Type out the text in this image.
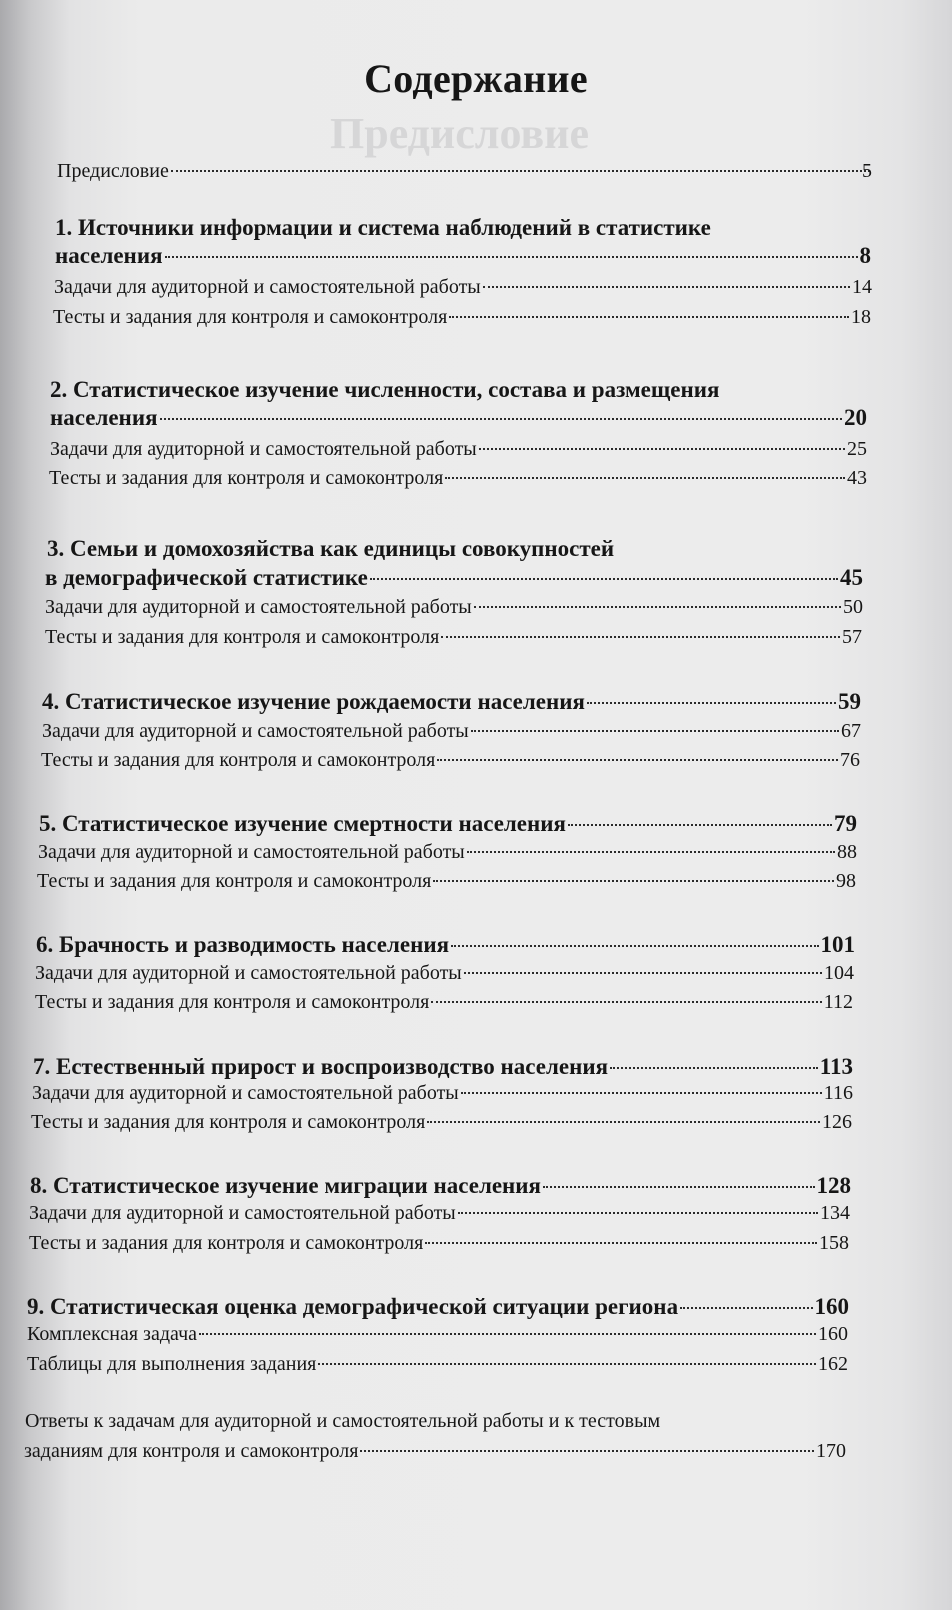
Предисловие
Содержание
Предисловие	5
1. Источники информации и система наблюдений в статистике
населения	8
Задачи для аудиторной и самостоятельной работы	14
Тесты и задания для контроля и самоконтроля	18
2. Статистическое изучение численности, состава и размещения
населения	20
Задачи для аудиторной и самостоятельной работы	25
Тесты и задания для контроля и самоконтроля	43
3. Семьи и домохозяйства как единицы совокупностей
в демографической статистике	45
Задачи для аудиторной и самостоятельной работы	50
Тесты и задания для контроля и самоконтроля	57
4. Статистическое изучение рождаемости населения	59
Задачи для аудиторной и самостоятельной работы	67
Тесты и задания для контроля и самоконтроля	76
5. Статистическое изучение смертности населения	79
Задачи для аудиторной и самостоятельной работы	88
Тесты и задания для контроля и самоконтроля	98
6. Брачность и разводимость населения	101
Задачи для аудиторной и самостоятельной работы	104
Тесты и задания для контроля и самоконтроля	112
7. Естественный прирост и воспроизводство населения	113
Задачи для аудиторной и самостоятельной работы	116
Тесты и задания для контроля и самоконтроля	126
8. Статистическое изучение миграции населения	128
Задачи для аудиторной и самостоятельной работы	134
Тесты и задания для контроля и самоконтроля	158
9. Статистическая оценка демографической ситуации региона	160
Комплексная задача	160
Таблицы для выполнения задания	162
Ответы к задачам для аудиторной и самостоятельной работы и к тестовым
заданиям для контроля и самоконтроля	170
